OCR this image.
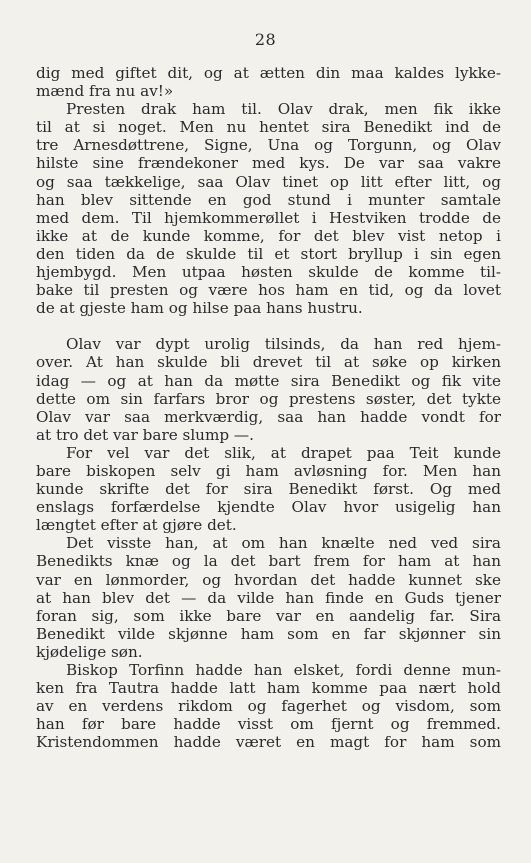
28
dig med giftet dit, og at ætten din maa kaldes lykke-
mænd fra nu av!»
Presten drak ham til. Olav drak, men fik ikke
til at si noget. Men nu hentet sira Benedikt ind de
tre Arnesdøttrene, Signe, Una og Torgunn, og Olav
hilste sine frændekoner med kys. De var saa vakre
og saa tækkelige, saa Olav tinet op litt efter litt, og
han blev sittende en god stund i munter samtale
med dem. Til hjemkommerøllet i Hestviken trodde de
ikke at de kunde komme, for det blev vist netop i
den tiden da de skulde til et stort bryllup i sin egen
hjembygd. Men utpaa høsten skulde de komme til-
bake til presten og være hos ham en tid, og da lovet
de at gjeste ham og hilse paa hans hustru.
Olav var dypt urolig tilsinds, da han red hjem-
over. At han skulde bli drevet til at søke op kirken
idag — og at han da møtte sira Benedikt og fik vite
dette om sin farfars bror og prestens søster, det tykte
Olav var saa merkværdig, saa han hadde vondt for
at tro det var bare slump —.
For vel var det slik, at drapet paa Teit kunde
bare biskopen selv gi ham avløsning for. Men han
kunde skrifte det for sira Benedikt først. Og med
enslags forfærdelse kjendte Olav hvor usigelig han
længtet efter at gjøre det.
Det visste han, at om han knælte ned ved sira
Benedikts knæ og la det bart frem for ham at han
var en lønmorder, og hvordan det hadde kunnet ske
at han blev det — da vilde han finde en Guds tjener
foran sig, som ikke bare var en aandelig far. Sira
Benedikt vilde skjønne ham som en far skjønner sin
kjødelige søn.
Biskop Torfinn hadde han elsket, fordi denne mun-
ken fra Tautra hadde latt ham komme paa nært hold
av en verdens rikdom og fagerhet og visdom, som
han før bare hadde visst om fjernt og fremmed.
Kristendommen hadde været en magt for ham som
